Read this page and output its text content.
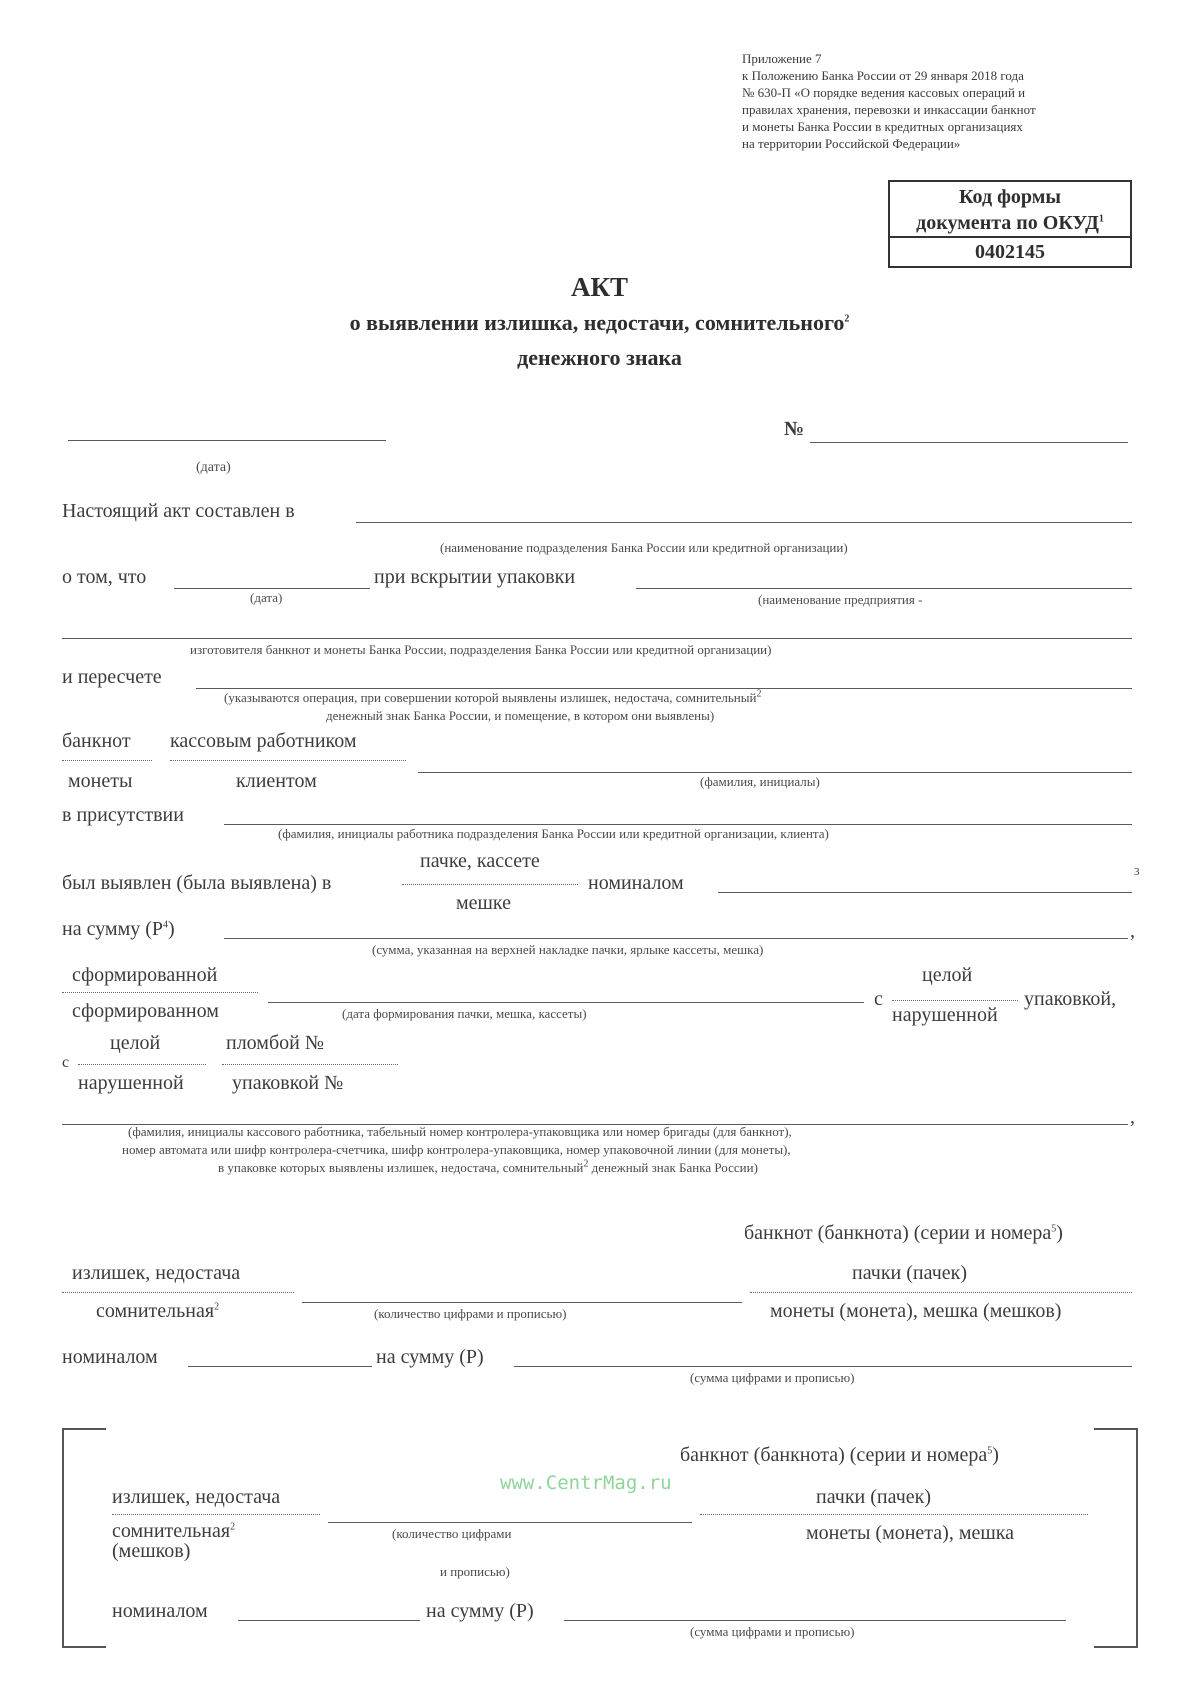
Приложение 7
к Положению Банка России от 29 января 2018 года
№ 630-П «О порядке ведения кассовых операций и
правилах хранения, перевозки и инкассации банкнот
и монеты Банка России в кредитных организациях
на территории Российской Федерации»
Код формы
документа по ОКУД$^1$
0402145
АКТ
о выявлении излишка, недостачи, сомнительного$^2$
денежного знака
(дата)
№
Настоящий акт составлен в
(наименование подразделения Банка России или кредитной организации)
о том, что
(дата)
при вскрытии упаковки
(наименование предприятия -
изготовителя банкнот и монеты Банка России, подразделения Банка России или кредитной организации)
и пересчете
(указываются операция, при совершении которой выявлены излишек, недостача, сомнительный$^2$
денежный знак Банка России, и помещение, в котором они выявлены)
банкнот
монеты
кассовым работником
клиентом	(фамилия, инициалы)
в присутствии
(фамилия, инициалы работника подразделения Банка России или кредитной организации, клиента)
пачке, кассете
был выявлен (была выявлена) в	номиналом	3
мешке
на сумму $(Р^4)$	,
(сумма, указанная на верхней накладке пачки, ярлыке кассеты, мешка)
сформированной
сформированном	(дата формирования пачки, мешка, кассеты)
с
целой
нарушенной
упаковкой,
целой	пломбой №
с
нарушенной упаковкой №
,
(фамилия, инициалы кассового работника, табельный номер контролера-упаковщика или номер бригады (для банкнот),
номер автомата или шифр контролера-счетчика, шифр контролера-упаковщика, номер упаковочной линии (для монеты),
в упаковке которых выявлены излишек, недостача, сомнительный$^2$ денежный знак Банка России)
банкнот (банкнота) (серии и номера$^5$)
излишек, недостача
сомнительная$^2$	(количество цифрами и прописью)
пачки (пачек)
монеты (монета), мешка (мешков)
номиналом	на сумму (Р)
(сумма цифрами и прописью)
банкнот (банкнота) (серии и номера$^5$)
www.CentrMag.ru
излишек, недостача
сомнительная$^2$
(мешков)
(количество цифрами
и прописью)
пачки (пачек)
монеты (монета), мешка
номиналом	на сумму (Р)
(сумма цифрами и прописью)
